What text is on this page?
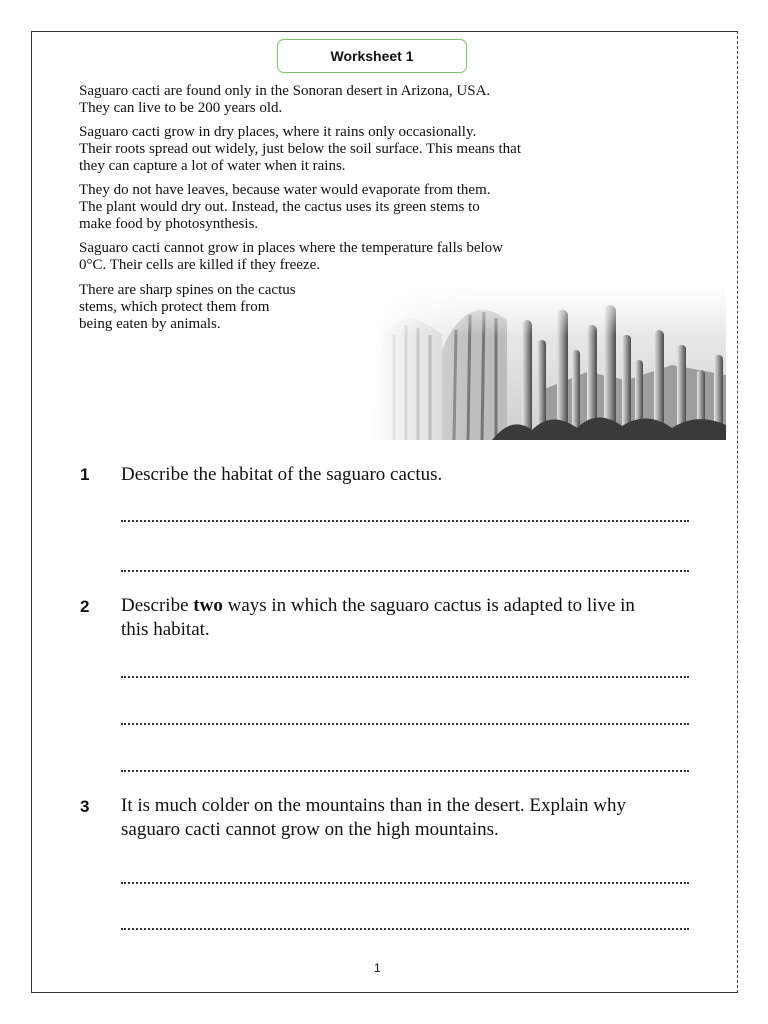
Worksheet 1

Saguaro cacti are found only in the Sonoran desert in Arizona, USA.
They can live to be 200 years old.

Saguaro cacti grow in dry places, where it rains only occasionally.
Their roots spread out widely, just below the soil surface. This means that
they can capture a lot of water when it rains.

They do not have leaves, because water would evaporate from them.
The plant would dry out. Instead, the cactus uses its green stems to
make food by photosynthesis.

Saguaro cacti cannot grow in places where the temperature falls below
0°C. Their cells are killed if they freeze.

There are sharp spines on the cactus
stems, which protect them from
being eaten by animals.

1 Describe the habitat of the saguaro cactus.

2 Describe two ways in which the saguaro cactus is adapted to live in
this habitat.

3 It is much colder on the mountains than in the desert. Explain why
saguaro cacti cannot grow on the high mountains.

1
